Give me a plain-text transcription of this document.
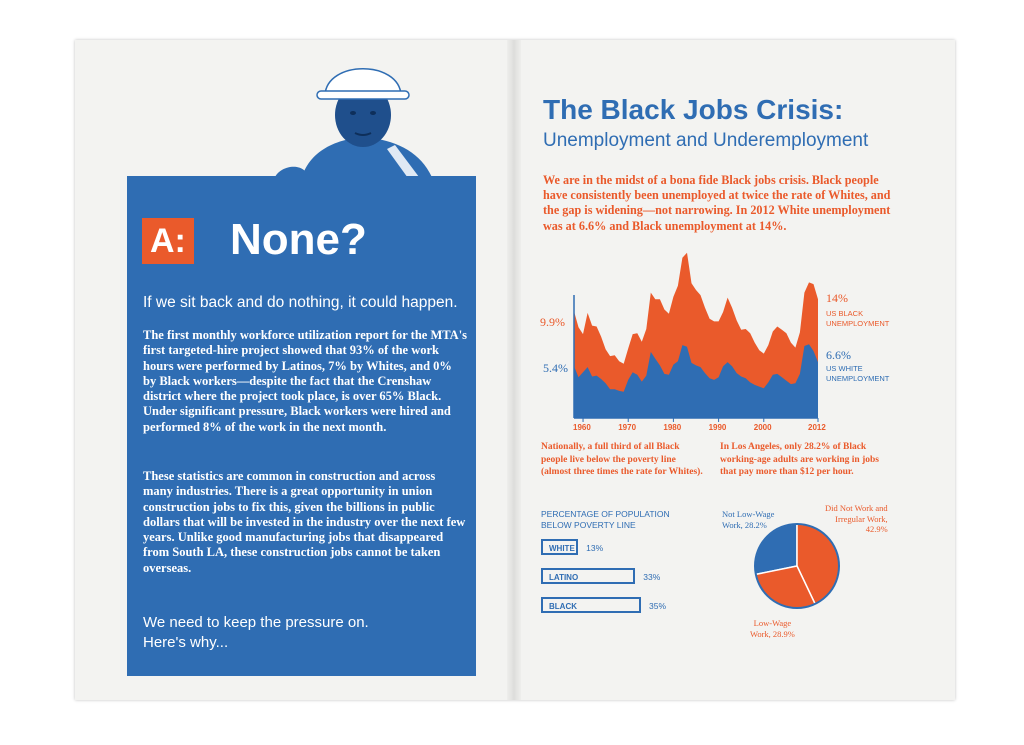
A: None?
If we sit back and do nothing, it could happen.
The first monthly workforce utilization report for the MTA's first targeted-hire project showed that 93% of the work hours were performed by Latinos, 7% by Whites, and 0% by Black workers—despite the fact that the Crenshaw district where the project took place, is over 65% Black. Under significant pressure, Black workers were hired and performed 8% of the work in the next month.
These statistics are common in construction and across many industries. There is a great opportunity in union construction jobs to fix this, given the billions in public dollars that will be invested in the industry over the next few years. Unlike good manufacturing jobs that disappeared from South LA, these construction jobs cannot be taken overseas.
We need to keep the pressure on.
Here's why...
The Black Jobs Crisis:
Unemployment and Underemployment
We are in the midst of a bona fide Black jobs crisis. Black people have consistently been unemployed at twice the rate of Whites, and the gap is widening—not narrowing. In 2012 White unemployment was at 6.6% and Black unemployment at 14%.
9.9%
5.4%
14%
US BLACK
UNEMPLOYMENT
6.6%
US WHITE
UNEMPLOYMENT
1960	1970	1980	1990	2000	2012
Nationally, a full third of all Black people live below the poverty line (almost three times the rate for Whites).
In Los Angeles, only 28.2% of Black working-age adults are working in jobs that pay more than $12 per hour.
PERCENTAGE OF POPULATION
BELOW POVERTY LINE
WHITE	13%
LATINO	33%
BLACK	35%
Not Low-Wage
Work, 28.2%
Did Not Work and
Irregular Work,
42.9%
Low-Wage
Work, 28.9%
